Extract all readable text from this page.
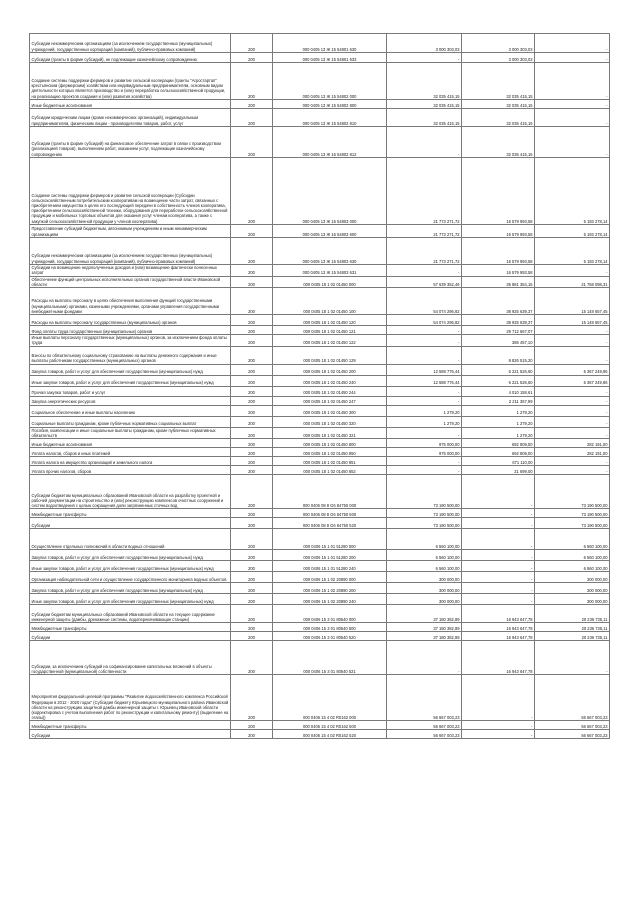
Субсидии некоммерческим организациям (за исключением государственных (муниципальных) учреждений, государственных корпораций (компаний), публично-правовых компаний)	200	000 0405 13 Ж 15 54801 630	3 000 303,03	3 000 303,03	-
Субсидии (гранты в форме субсидий), не подлежащие казначейскому сопровождению	200	000 0405 13 Ж 15 54801 633	-	3 000 303,03	-
Создание системы поддержки фермеров и развитие сельской кооперации (гранты "Агростартап" крестьянским (фермерским) хозяйствам или индивидуальным предпринимателям, основным видом деятельности которых является производство и (или) переработка сельскохозяйственной продукции, на реализацию проектов создания и (или) развития хозяйства)	200	000 0405 13 Ж 15 54802 000	32 035 415,15	32 035 415,15	-
Иные бюджетные ассигнования	200	000 0405 13 Ж 15 54802 800	32 035 415,15	32 035 415,15	-
Субсидии юридическим лицам (кроме некоммерческих организаций), индивидуальным предпринимателям, физическим лицам - производителям товаров, работ, услуг	200	000 0405 13 Ж 15 54802 810	32 035 415,15	32 035 415,15	-
Субсидии (гранты в форме субсидий) на финансовое обеспечение затрат в связи с производством (реализацией товаров), выполнением работ, оказанием услуг, подлежащие казначейскому сопровождению	200	000 0405 13 Ж 15 54802 812	-	32 035 415,15	-
Создание системы поддержки фермеров и развитие сельской кооперации (Субсидии сельскохозяйственным потребительским кооперативам на возмещение части затрат, связанных с приобретением имущества в целях его последующей передачи в собственность членов кооператива, приобретением сельскохозяйственной техники, оборудования для переработки сельскохозяйственной продукции и мобильных торговых объектов для оказания услуг членам кооператива, а также с закупкой сельскохозяйственной продукции у членов кооператива)	200	000 0405 13 Ж 15 54803 000	21 773 271,72	16 579 993,58	5 193 278,14
Предоставление субсидий бюджетным, автономным учреждениям и иным некоммерческим организациям	200	000 0405 13 Ж 15 54803 600	21 773 271,72	16 579 993,58	5 193 278,14
Субсидии некоммерческим организациям (за исключением государственных (муниципальных) учреждений, государственных корпораций (компаний), публично-правовых компаний)	200	000 0405 13 Ж 15 54803 630	21 773 271,72	16 579 993,58	5 193 278,14
Субсидии на возмещение недополученных доходов и (или) возмещение фактически понесенных затрат	200	000 0405 13 Ж 15 54803 631	-	16 579 993,58	-
Обеспечение функций центральных исполнительных органов государственной власти Ивановской области	200	000 0405 18 1 02 01450 000	57 639 352,46	35 881 354,15	21 758 098,31
Расходы на выплаты персоналу в целях обеспечения выполнения функций государственными (муниципальными) органами, казенными учреждениями, органами управления государственными внебюджетными фондами	200	000 0405 18 1 02 01450 100	54 074 296,82	38 925 639,37	15 148 657,45
Расходы на выплаты персоналу государственных (муниципальных) органов	200	000 0405 18 1 02 01450 120	54 074 296,82	38 925 639,37	15 148 657,45
Фонд оплаты труда государственных (муниципальных) органов	200	000 0405 18 1 02 01450 121	-	29 712 667,07	-
Иные выплаты персоналу государственных (муниципальных) органов, за исключением фонда оплаты труда	200	000 0405 18 1 02 01450 122	-	386 457,10	-
Взносы по обязательному социальному страхованию на выплаты денежного содержания и иные выплаты работникам государственных (муниципальных) органов	200	000 0405 18 1 02 01450 129	-	8 826 515,20	-
Закупка товаров, работ и услуг для обеспечения государственных (муниципальных) нужд	200	000 0405 18 1 02 01450 200	12 588 776,44	6 221 526,60	6 367 249,86
Иные закупки товаров, работ и услуг для обеспечения государственных (муниципальных) нужд	200	000 0405 18 1 02 01450 240	12 588 776,44	6 221 526,60	6 367 249,86
Прочая закупка товаров, работ и услуг	200	000 0405 18 1 02 01450 244	-	4 010 158,61	-
Закупка энергетических ресурсов	200	000 0405 18 1 02 01450 247	-	2 211 367,99	-
Социальное обеспечение и иные выплаты населению	200	000 0405 18 1 02 01450 300	1 279,20	1 279,20	-
Социальные выплаты гражданам, кроме публичных нормативных социальных выплат	200	000 0405 18 1 02 01450 320	1 279,20	1 279,20	-
Пособия, компенсации и иные социальные выплаты гражданам, кроме публичных нормативных обязательств	200	000 0405 18 1 02 01450 321	-	1 279,20	-
Иные бюджетные ассигнования	200	000 0405 18 1 02 01450 800	975 000,00	692 809,00	282 191,00
Уплата налогов, сборов и иных платежей	200	000 0405 18 1 02 01450 850	975 000,00	692 809,00	282 191,00
Уплата налога на имущество организаций и земельного налога	200	000 0405 18 1 02 01450 851	-	671 110,00	-
Уплата прочих налогов, сборов	200	000 0405 18 1 02 01450 852	-	21 699,00	-
Субсидии бюджетам муниципальных образований Ивановской области на разработку проектной и рабочей документации на строительство и (или) реконструкцию комплексов очистных сооружений и систем водоотведения с целью сокращения доли загрязненных сточных вод	200	000 0406 08 8 G6 84750 000	73 190 500,00	-	73 190 500,00
Межбюджетные трансферты	200	000 0406 08 8 G6 84750 500	73 190 500,00	-	73 190 500,00
Субсидии	200	000 0406 08 8 G6 84750 520	73 190 500,00	-	73 190 500,00
Осуществление отдельных полномочий в области водных отношений	200	000 0406 15 1 01 51280 000	6 560 100,00	-	6 560 100,00
Закупка товаров, работ и услуг для обеспечения государственных (муниципальных) нужд	200	000 0406 15 1 01 51280 200	6 560 100,00	-	6 560 100,00
Иные закупки товаров, работ и услуг для обеспечения государственных (муниципальных) нужд	200	000 0406 15 1 01 51280 240	6 560 100,00	-	6 560 100,00
Организация наблюдательной сети и осуществление государственного мониторинга водных объектов	200	000 0406 15 1 02 20890 000	300 000,00	-	300 000,00
Закупка товаров, работ и услуг для обеспечения государственных (муниципальных) нужд	200	000 0406 15 1 02 20890 200	300 000,00	-	300 000,00
Иные закупки товаров, работ и услуг для обеспечения государственных (муниципальных) нужд	200	000 0406 15 1 02 20890 240	300 000,00	-	300 000,00
Субсидии бюджетам муниципальных образований Ивановской области на текущее содержание инженерной защиты (дамбы, дренажные системы, водоперекачивающие станции)	200	000 0406 15 3 01 80540 000	37 180 382,89	16 943 647,78	20 236 735,11
Межбюджетные трансферты	200	000 0406 15 3 01 80540 500	37 180 382,89	16 943 647,78	20 236 735,11
Субсидии	200	000 0406 15 3 01 80540 520	37 180 382,89	16 943 647,78	20 236 735,11
Субсидии, за исключением субсидий на софинансирование капитальных вложений в объекты государственной (муниципальной) собственности	200	000 0406 15 3 01 80540 521	-	16 943 647,78	-
Мероприятия федеральной целевой программы "Развитие водохозяйственного комплекса Российской Федерации в 2012 - 2020 годах" (Субсидия бюджету Юрьевецкого муниципального района Ивановской области на реконструкцию защитной дамбы инженерной защиты г. Юрьевец Ивановской области (корректировка с учетом выполнения работ по реконструкции и капитальному ремонту) (выделение на этапы))	200	000 0406 15 4 02 R0162 000	56 667 003,23	-	56 667 003,23
Межбюджетные трансферты	200	000 0406 15 4 02 R0162 500	56 667 003,23	-	56 667 003,23
Субсидии	200	000 0406 15 4 02 R0162 520	56 667 003,23	-	56 667 003,23
